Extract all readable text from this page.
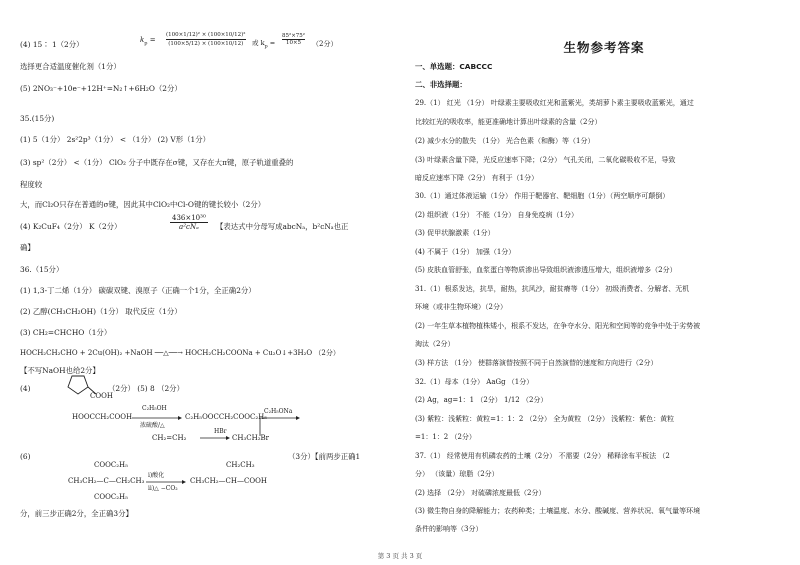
(4) 15∶ 1（2分）	$k_p$ =
(100×1/12)² × (100×10/12)²
(100×5/12) × (100×10/12)	或 $k_p$ =
85²×75²
10×5	（2分）
选择更合适温度催化剂（1分）
(5) 2NO₃⁻+10e⁻+12H⁺=N₂↑+6H₂O（2分）
35.(15分)
(1) 5（1分） 2s²2p³（1分） < （1分） (2) V形（1分）
(3) sp²（2分） <（1分） ClO₂ 分子中既存在σ键，又存在大π键，原子轨道重叠的
程度较
大，而Cl₂O只存在普通的σ键，因此其中ClO₂中Cl-O键的键长较小（2分）
(4) K₂CuF₄（2分） K（2分）
436×10³⁰
a²cNₐ	【表达式中分母写成abcNₐ，b²cNₐ也正
确】
36.（15分）
(1) 1,3-丁二烯（1分） 碳碳双键、溴原子（正确一个1分，全正确2分）
(2) 乙醇(CH₃CH₂OH)（1分） 取代反应（1分）
(3) CH₂=CHCHO（1分）
HOCH₂CH₂CHO + 2Cu(OH)₂ +NaOH ──△──→ HOCH₂CH₂COONa + Cu₂O↓+3H₂O （2分）
【不写NaOH也给2分】
(4)
COOH
（2分） (5) 8 （2分）
HOOCCH₂COOH
C₂H₅OH
浓硫酸/△
C₂H₅OOCCH₂COOC₂H₅
C₂H₅ONa
CH₂=CH₂
HBr
→ CH₃CH₂Br
(6)
COOC₂H₅
CH₃CH₂—C—CH₂CH₃
COOC₂H₅
ⅰ)酸化
ⅱ)△ −CO₂
CH₂CH₃
CH₃CH₂—CH—COOH
（3分）【前两步正确1
分，前三步正确2分，全正确3分】
生物参考答案
一、单选题：CABCCC
二、非选择题：
29.（1） 红光 （1分） 叶绿素主要吸收红光和蓝紫光，类胡萝卜素主要吸收蓝紫光，通过
比较红光的吸收率，能更准确地计算出叶绿素的含量（2分）
(2) 减少水分的散失 （1分） 光合色素（和酶）等（1分）
(3) 叶绿素含量下降，光反应速率下降；（2分） 气孔关闭，二氧化碳吸收不足，导致
暗反应速率下降（2分） 有利于（1分）
30.（1）通过体液运输（1分） 作用于靶器官、靶细胞（1分）（两空顺序可颠倒）
(2) 组织液（1分） 不能（1分） 自身免疫病（1分）
(3) 促甲状腺激素（1分）
(4) 不属于（1分） 加强（1分）
(5) 皮肤血管舒张，血浆蛋白等物质渗出导致组织液渗透压增大，组织液增多（2分）
31.（1）根系发达，抗旱，耐热，抗风沙，耐贫瘠等（1分） 初级消费者、分解者、无机
环境（或非生物环境）（2分）
(2) 一年生草本植物植株矮小，根系不发达，在争夺水分、阳光和空间等的竞争中处于劣势被
淘汰（2分）
(3) 样方法 （1分） 使群落演替按照不同于自然演替的速度和方向进行（2分）
32.（1）母本（1分） AaGg （1分）
(2) Ag，ag=1：1 （2分） 1/12 （2分）
(3) 紫粒：浅紫粒：黄粒=1：1：2 （2分） 全为黄粒 （2分） 浅紫粒：紫色：黄粒
=1：1：2 （2分）
37.（1） 经常使用有机磷农药的土壤（2分） 不需要（2分） 稀释涂布平板法 （2
分） （该量）琼脂（2分）
(2) 选择 （2分） 对硫磷浓度最低（2分）
(3) 微生物自身的降解能力；农药种类；土壤温度、水分、酸碱度、营养状况、氧气量等环境
条件的影响等（3分）
第 3 页 共 3 页
